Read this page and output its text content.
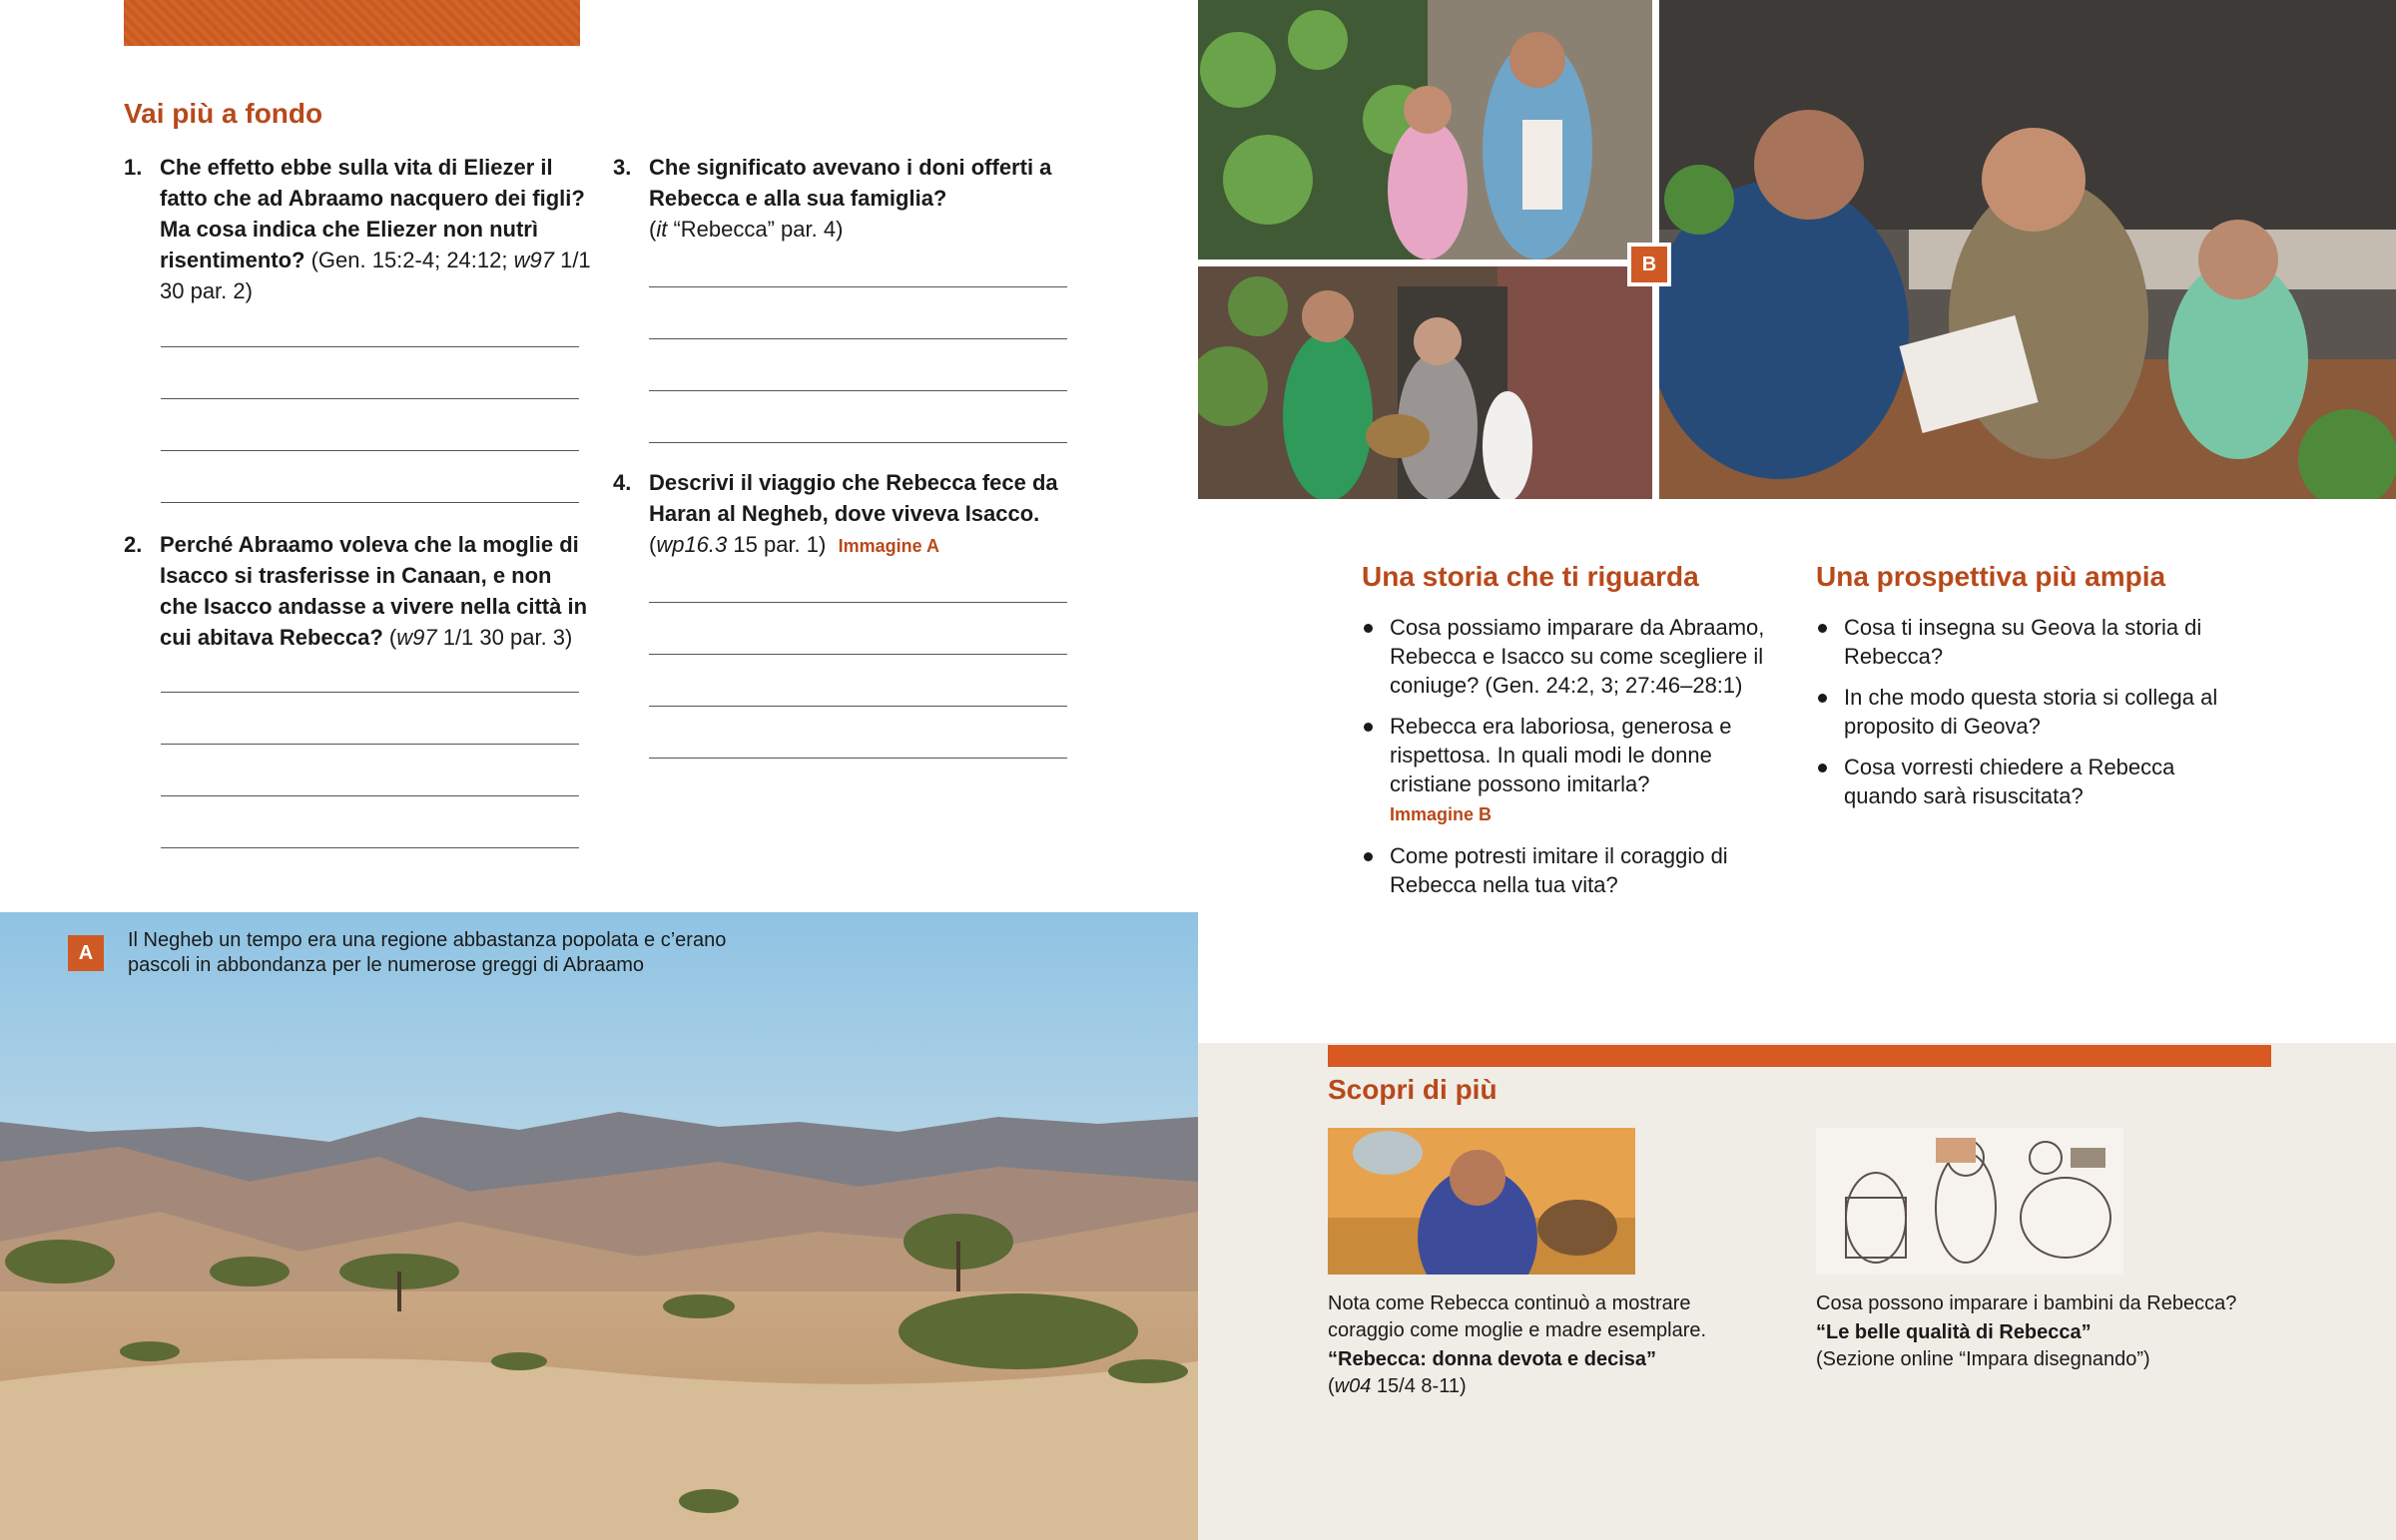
Vai più a fondo
1. Che effetto ebbe sulla vita di Eliezer il fatto che ad Abraamo nacquero dei figli? Ma cosa indica che Eliezer non nutrì risentimento? (Gen. 15:2-4; 24:12; w97 1/1 30 par. 2)
2. Perché Abraamo voleva che la moglie di Isacco si trasferisse in Canaan, e non che Isacco andasse a vivere nella città in cui abitava Rebecca? (w97 1/1 30 par. 3)
3. Che significato avevano i doni offerti a Rebecca e alla sua famiglia?
(it “Rebecca” par. 4)
4. Descrivi il viaggio che Rebecca fece da Haran al Negheb, dove viveva Isacco.
(wp16.3 15 par. 1) Immagine A
A
Il Negheb un tempo era una regione abbastanza popolata e c’erano pascoli in abbondanza per le numerose greggi di Abraamo
B
Una storia che ti riguarda
Cosa possiamo imparare da Abraamo, Rebecca e Isacco su come scegliere il coniuge? (Gen. 24:2, 3; 27:46–28:1)
Rebecca era laboriosa, generosa e rispettosa. In quali modi le donne cristiane possono imitarla?
Immagine B
Come potresti imitare il coraggio di Rebecca nella tua vita?
Una prospettiva più ampia
Cosa ti insegna su Geova la storia di Rebecca?
In che modo questa storia si collega al proposito di Geova?
Cosa vorresti chiedere a Rebecca quando sarà risuscitata?
Scopri di più
Nota come Rebecca continuò a mostrare coraggio come moglie e madre esemplare.
“Rebecca: donna devota e decisa”
(w04 15/4 8-11)
Cosa possono imparare i bambini da Rebecca?
“Le belle qualità di Rebecca”
(Sezione online “Impara disegnando”)
